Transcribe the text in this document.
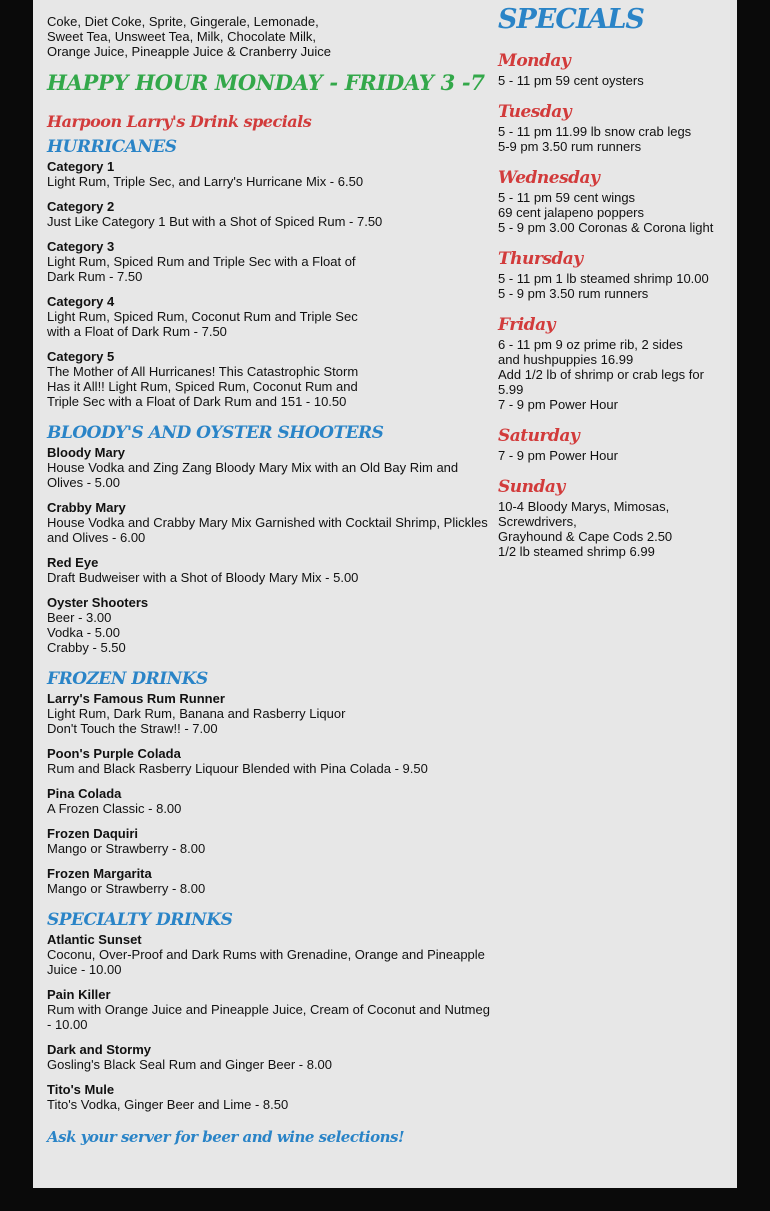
Coke, Diet Coke, Sprite, Gingerale, Lemonade,
Sweet Tea, Unsweet Tea, Milk, Chocolate Milk,
Orange Juice, Pineapple Juice & Cranberry Juice
HAPPY HOUR MONDAY - FRIDAY 3 -7
Harpoon Larry's Drink specials
HURRICANES
Category 1
Light Rum, Triple Sec, and Larry's Hurricane Mix - 6.50
Category 2
Just Like Category 1 But with a Shot of Spiced Rum - 7.50
Category 3
Light Rum, Spiced Rum and Triple Sec with a Float of
Dark Rum - 7.50
Category 4
Light Rum, Spiced Rum, Coconut Rum and Triple Sec
with a Float of Dark Rum - 7.50
Category 5
The Mother of All Hurricanes! This Catastrophic Storm
Has it All!! Light Rum, Spiced Rum, Coconut Rum and
Triple Sec with a Float of Dark Rum and 151 - 10.50
BLOODY'S AND OYSTER SHOOTERS
Bloody Mary
House Vodka and Zing Zang Bloody Mary Mix with an Old Bay Rim and
Olives - 5.00
Crabby Mary
House Vodka and Crabby Mary Mix Garnished with Cocktail Shrimp, Plickles
and Olives - 6.00
Red Eye
Draft Budweiser with a Shot of Bloody Mary Mix - 5.00
Oyster Shooters
Beer - 3.00
Vodka - 5.00
Crabby - 5.50
FROZEN DRINKS
Larry's Famous Rum Runner
Light Rum, Dark Rum, Banana and Rasberry Liquor
Don't Touch the Straw!! - 7.00
Poon's Purple Colada
Rum and Black Rasberry Liquour Blended with Pina Colada - 9.50
Pina Colada
A Frozen Classic - 8.00
Frozen Daquiri
Mango or Strawberry - 8.00
Frozen Margarita
Mango or Strawberry - 8.00
SPECIALTY DRINKS
Atlantic Sunset
Coconu, Over-Proof and Dark Rums with Grenadine, Orange and Pineapple
Juice - 10.00
Pain Killer
Rum with Orange Juice and Pineapple Juice, Cream of Coconut and Nutmeg
- 10.00
Dark and Stormy
Gosling's Black Seal Rum and Ginger Beer - 8.00
Tito's Mule
Tito's Vodka, Ginger Beer and Lime - 8.50
Ask your server for beer and wine selections!
SPECIALS
Monday
5 - 11 pm 59 cent oysters
Tuesday
5 - 11 pm 11.99 lb snow crab legs
5-9 pm 3.50 rum runners
Wednesday
5 - 11 pm 59 cent wings
69 cent jalapeno poppers
5 - 9 pm 3.00 Coronas & Corona light
Thursday
5 - 11 pm 1 lb steamed shrimp 10.00
5 - 9 pm 3.50 rum runners
Friday
6 - 11 pm 9 oz prime rib, 2 sides
and hushpuppies 16.99
Add 1/2 lb of shrimp or crab legs for
5.99
7 - 9 pm Power Hour
Saturday
7 - 9 pm Power Hour
Sunday
10-4 Bloody Marys, Mimosas,
Screwdrivers,
Grayhound & Cape Cods 2.50
1/2 lb steamed shrimp 6.99
